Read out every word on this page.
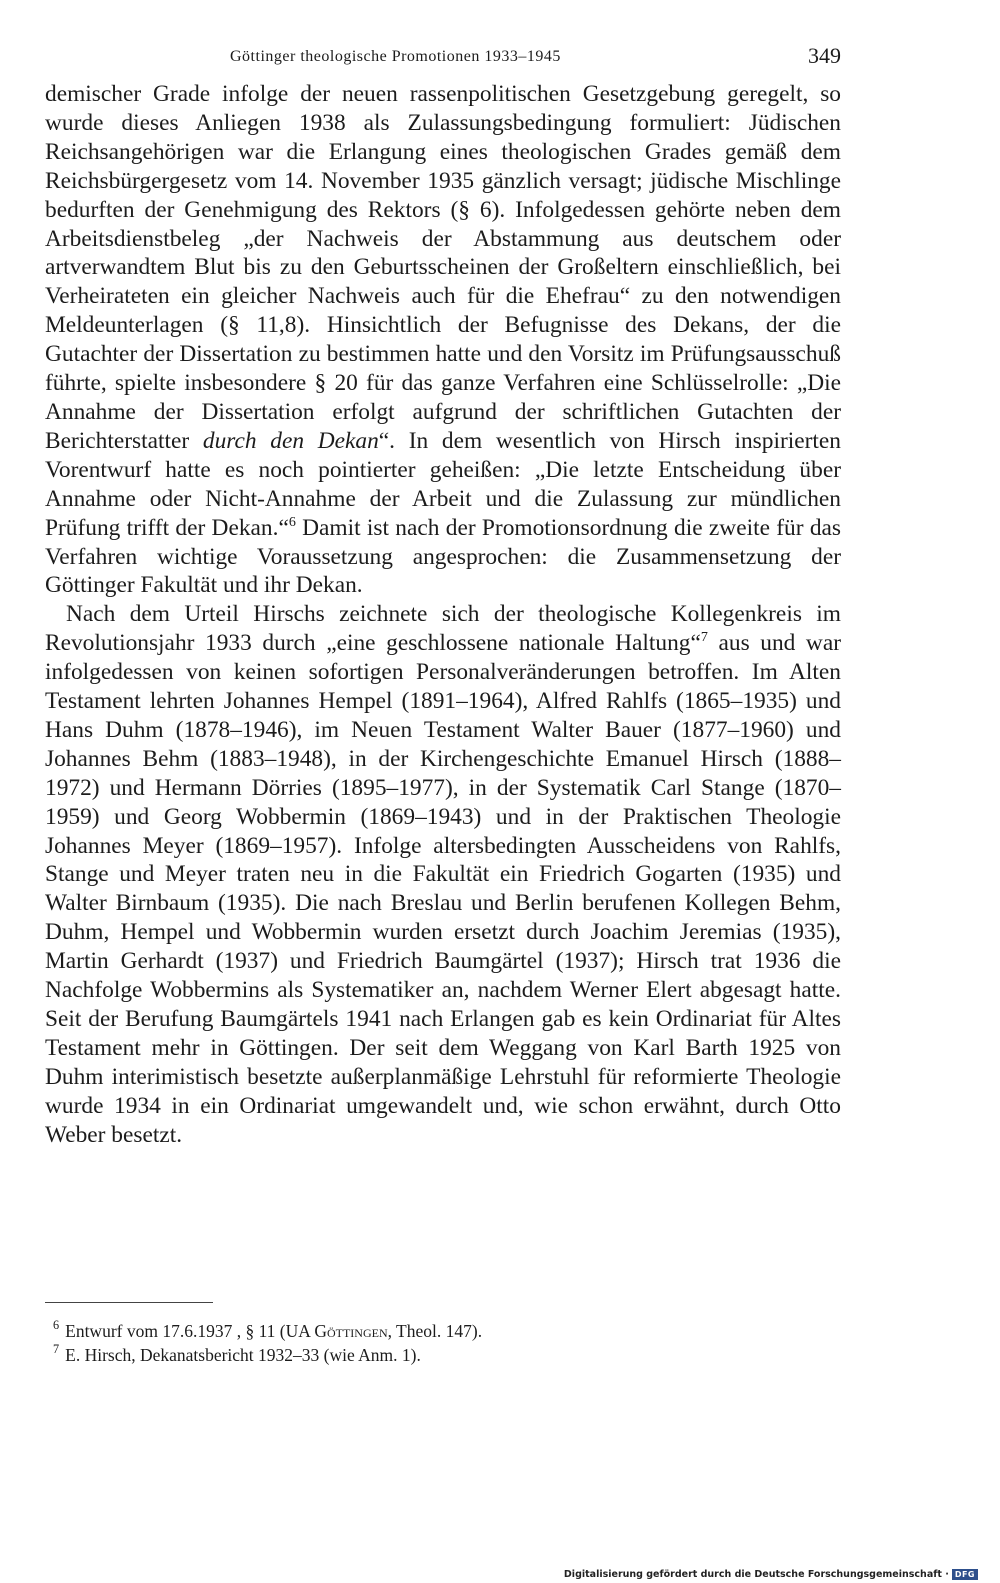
Göttinger theologische Promotionen 1933–1945	349

demischer Grade infolge der neuen rassenpolitischen Gesetzgebung geregelt, so wurde dieses Anliegen 1938 als Zulassungsbedingung formuliert: Jüdischen Reichsangehörigen war die Erlangung eines theologischen Grades gemäß dem Reichsbürgergesetz vom 14. November 1935 gänzlich versagt; jüdische Mischlinge bedurften der Genehmigung des Rektors (§ 6). Infolgedessen gehörte neben dem Arbeitsdienstbeleg „der Nachweis der Abstammung aus deutschem oder artverwandtem Blut bis zu den Geburtsscheinen der Großeltern einschließlich, bei Verheirateten ein gleicher Nachweis auch für die Ehefrau“ zu den notwendigen Meldeunterlagen (§ 11,8). Hinsichtlich der Befugnisse des Dekans, der die Gutachter der Dissertation zu bestimmen hatte und den Vorsitz im Prüfungsausschuß führte, spielte insbesondere § 20 für das ganze Verfahren eine Schlüsselrolle: „Die Annahme der Dissertation erfolgt aufgrund der schriftlichen Gutachten der Berichterstatter durch den Dekan“. In dem wesentlich von Hirsch inspirierten Vorentwurf hatte es noch pointierter geheißen: „Die letzte Entscheidung über Annahme oder Nicht-Annahme der Arbeit und die Zulassung zur mündlichen Prüfung trifft der Dekan.“$^6$ Damit ist nach der Promotionsordnung die zweite für das Verfahren wichtige Voraussetzung angesprochen: die Zusammensetzung der Göttinger Fakultät und ihr Dekan.

Nach dem Urteil Hirschs zeichnete sich der theologische Kollegenkreis im Revolutionsjahr 1933 durch „eine geschlossene nationale Haltung“$^7$ aus und war infolgedessen von keinen sofortigen Personalveränderungen betroffen. Im Alten Testament lehrten Johannes Hempel (1891–1964), Alfred Rahlfs (1865–1935) und Hans Duhm (1878–1946), im Neuen Testament Walter Bauer (1877–1960) und Johannes Behm (1883–1948), in der Kirchengeschichte Emanuel Hirsch (1888–1972) und Hermann Dörries (1895–1977), in der Systematik Carl Stange (1870–1959) und Georg Wobbermin (1869–1943) und in der Praktischen Theologie Johannes Meyer (1869–1957). Infolge altersbedingten Ausscheidens von Rahlfs, Stange und Meyer traten neu in die Fakultät ein Friedrich Gogarten (1935) und Walter Birnbaum (1935). Die nach Breslau und Berlin berufenen Kollegen Behm, Duhm, Hempel und Wobbermin wurden ersetzt durch Joachim Jeremias (1935), Martin Gerhardt (1937) und Friedrich Baumgärtel (1937); Hirsch trat 1936 die Nachfolge Wobbermins als Systematiker an, nachdem Werner Elert abgesagt hatte. Seit der Berufung Baumgärtels 1941 nach Erlangen gab es kein Ordinariat für Altes Testament mehr in Göttingen. Der seit dem Weggang von Karl Barth 1925 von Duhm interimistisch besetzte außerplanmäßige Lehrstuhl für reformierte Theologie wurde 1934 in ein Ordinariat umgewandelt und, wie schon erwähnt, durch Otto Weber besetzt.

$^6$ Entwurf vom 17.6.1937 , § 11 (UA Göttingen, Theol. 147).

$^7$ E. Hirsch, Dekanatsbericht 1932–33 (wie Anm. 1).

Digitalisierung gefördert durch die Deutsche Forschungsgemeinschaft · DFG
